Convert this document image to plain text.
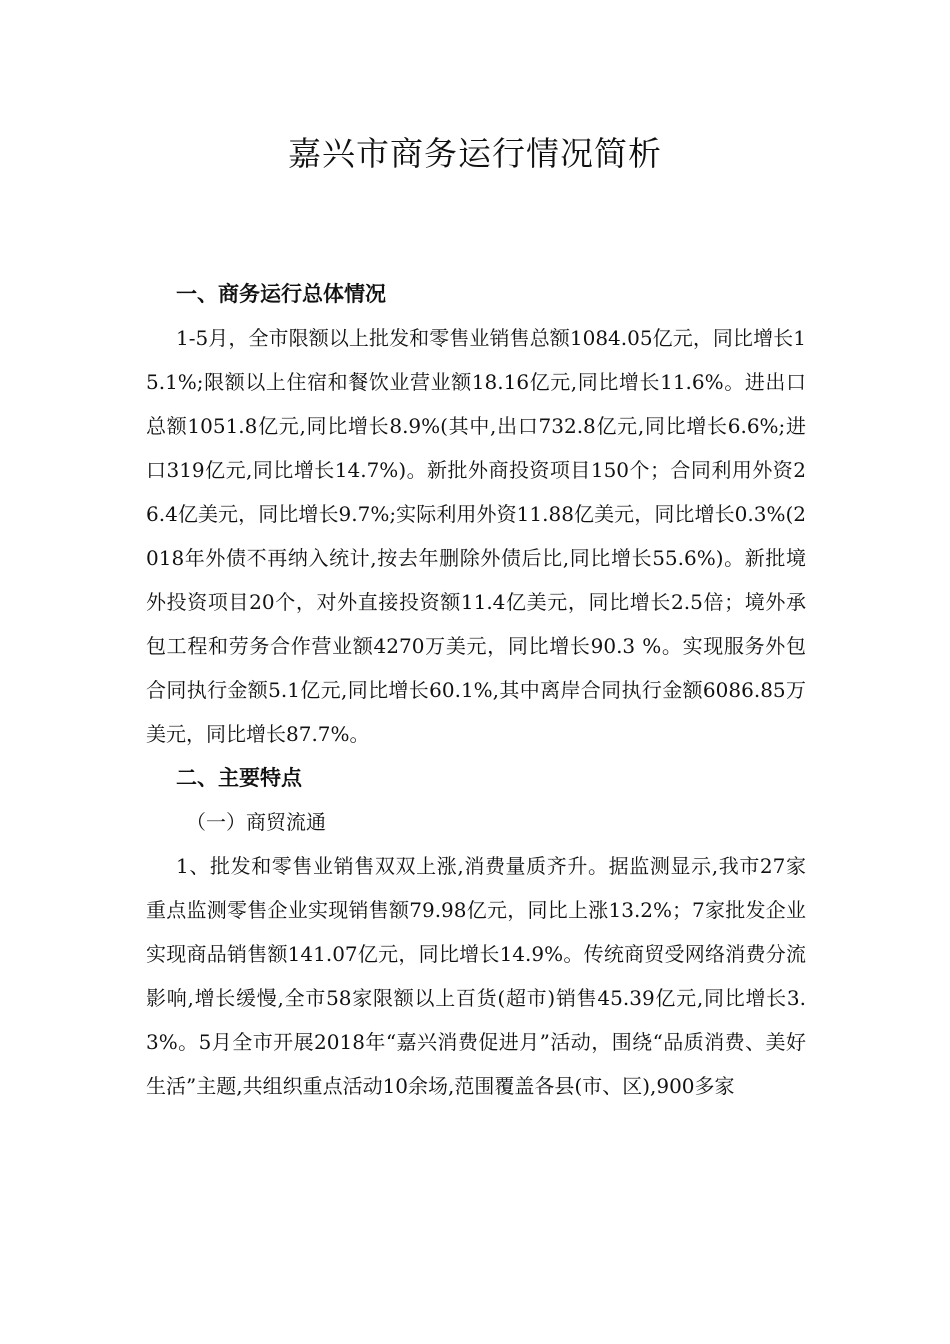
嘉兴市商务运行情况简析
一、商务运行总体情况

1-5月，全市限额以上批发和零售业销售总额1084.05亿元，同比增长15.1%;限额以上住宿和餐饮业营业额18.16亿元,同比增长11.6%。进出口总额1051.8亿元,同比增长8.9%(其中,出口732.8亿元,同比增长6.6%;进口319亿元,同比增长14.7%)。新批外商投资项目150个；合同利用外资26.4亿美元，同比增长9.7%;实际利用外资11.88亿美元，同比增长0.3%(2018年外债不再纳入统计,按去年删除外债后比,同比增长55.6%)。新批境外投资项目20个，对外直接投资额11.4亿美元，同比增长2.5倍；境外承包工程和劳务合作营业额4270万美元，同比增长90.3 %。实现服务外包合同执行金额5.1亿元,同比增长60.1%,其中离岸合同执行金额6086.85万美元，同比增长87.7%。

二、主要特点
（一）商贸流通

1、批发和零售业销售双双上涨,消费量质齐升。据监测显示,我市27家重点监测零售企业实现销售额79.98亿元，同比上涨13.2%；7家批发企业实现商品销售额141.07亿元，同比增长14.9%。传统商贸受网络消费分流影响,增长缓慢,全市58家限额以上百货(超市)销售45.39亿元,同比增长3.3%。5月全市开展2018年“嘉兴消费促进月”活动，围绕“品质消费、美好生活”主题,共组织重点活动10余场,范围覆盖各县(市、区),900多家
